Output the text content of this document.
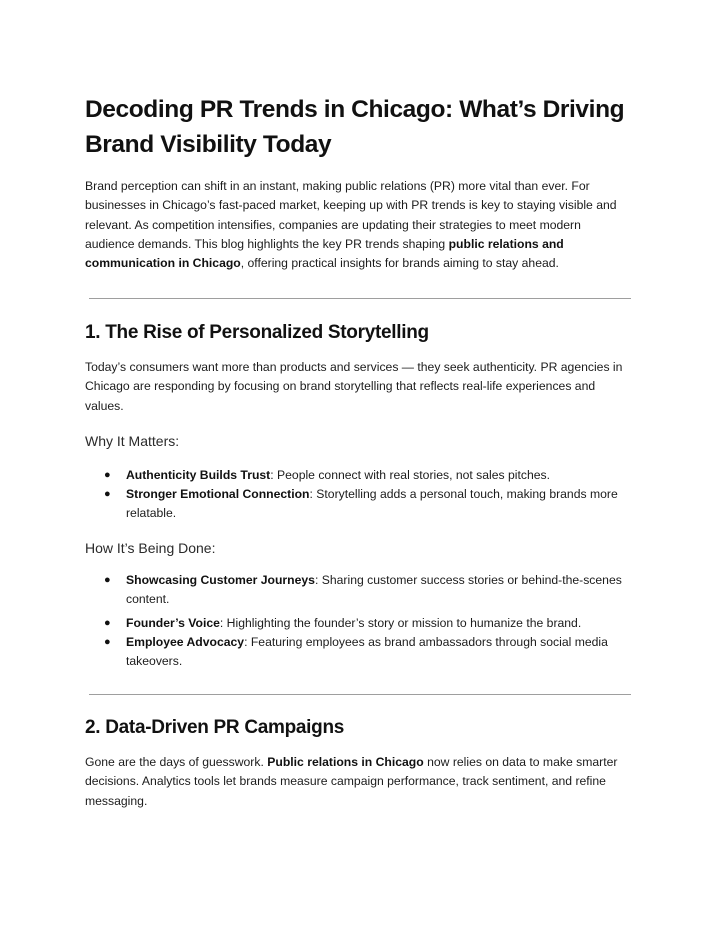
Decoding PR Trends in Chicago: What’s Driving Brand Visibility Today

Brand perception can shift in an instant, making public relations (PR) more vital than ever. For businesses in Chicago’s fast-paced market, keeping up with PR trends is key to staying visible and relevant. As competition intensifies, companies are updating their strategies to meet modern audience demands. This blog highlights the key PR trends shaping public relations and communication in Chicago, offering practical insights for brands aiming to stay ahead.

1. The Rise of Personalized Storytelling

Today’s consumers want more than products and services — they seek authenticity. PR agencies in Chicago are responding by focusing on brand storytelling that reflects real-life experiences and values.

Why It Matters:
● Authenticity Builds Trust: People connect with real stories, not sales pitches.
● Stronger Emotional Connection: Storytelling adds a personal touch, making brands more relatable.
How It’s Being Done:
● Showcasing Customer Journeys: Sharing customer success stories or behind-the-scenes content.
● Founder’s Voice: Highlighting the founder’s story or mission to humanize the brand.
● Employee Advocacy: Featuring employees as brand ambassadors through social media takeovers.
2. Data-Driven PR Campaigns

Gone are the days of guesswork. Public relations in Chicago now relies on data to make smarter decisions. Analytics tools let brands measure campaign performance, track sentiment, and refine messaging.
